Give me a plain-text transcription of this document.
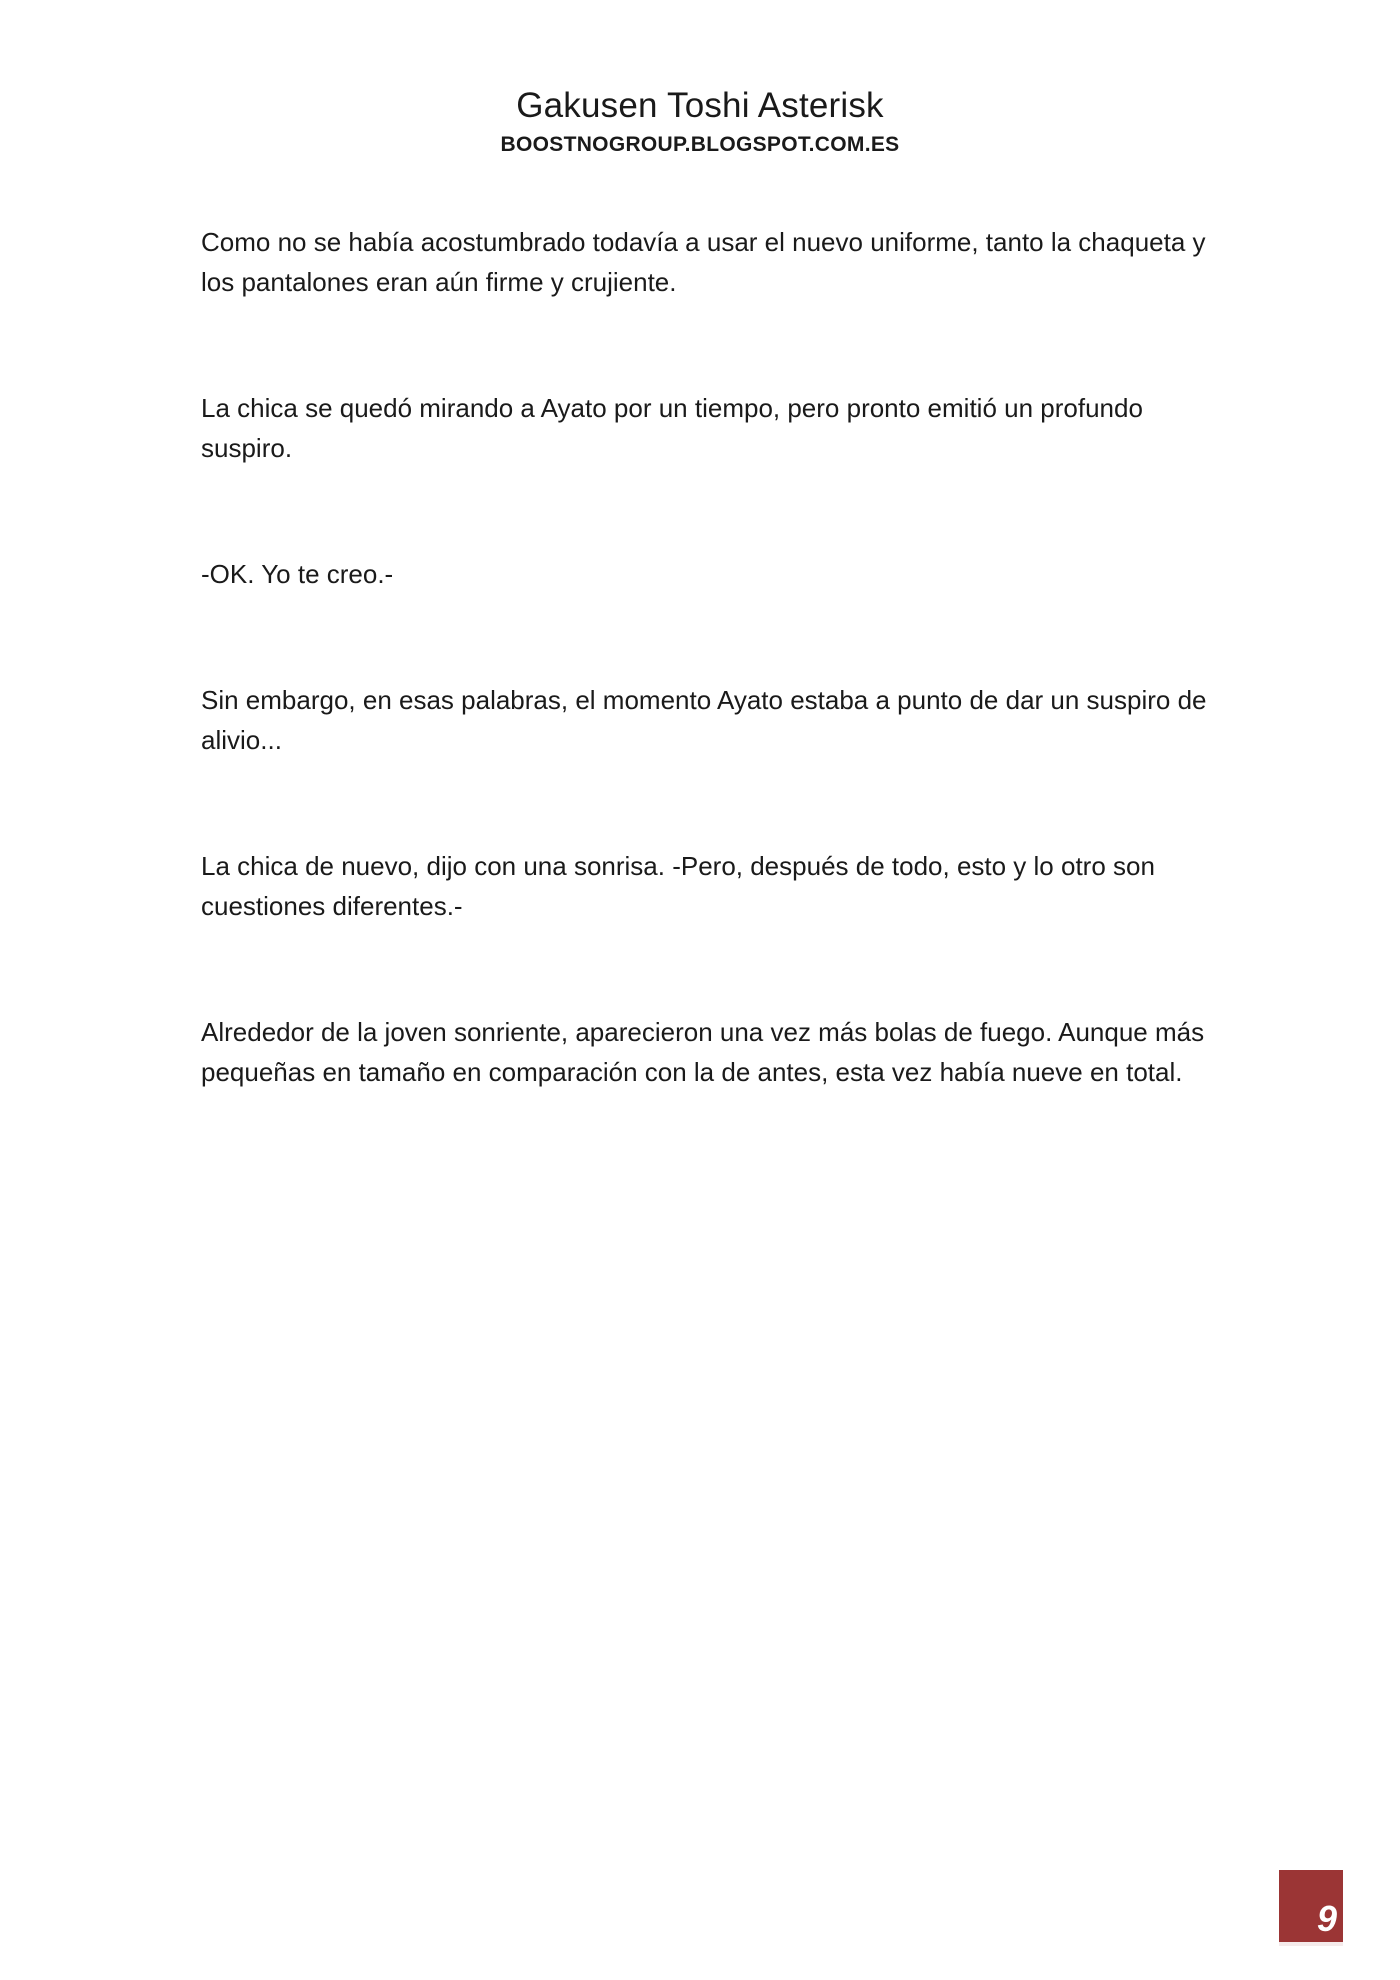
Gakusen Toshi Asterisk
BOOSTNOGROUP.BLOGSPOT.COM.ES

Como no se había acostumbrado todavía a usar el nuevo uniforme, tanto la chaqueta y los pantalones eran aún firme y crujiente.

La chica se quedó mirando a Ayato por un tiempo, pero pronto emitió un profundo suspiro.

-OK. Yo te creo.-

Sin embargo, en esas palabras, el momento Ayato estaba a punto de dar un suspiro de alivio...

La chica de nuevo, dijo con una sonrisa. -Pero, después de todo, esto y lo otro son cuestiones diferentes.-

Alrededor de la joven sonriente, aparecieron una vez más bolas de fuego. Aunque más pequeñas en tamaño en comparación con la de antes, esta vez había nueve en total.

9
